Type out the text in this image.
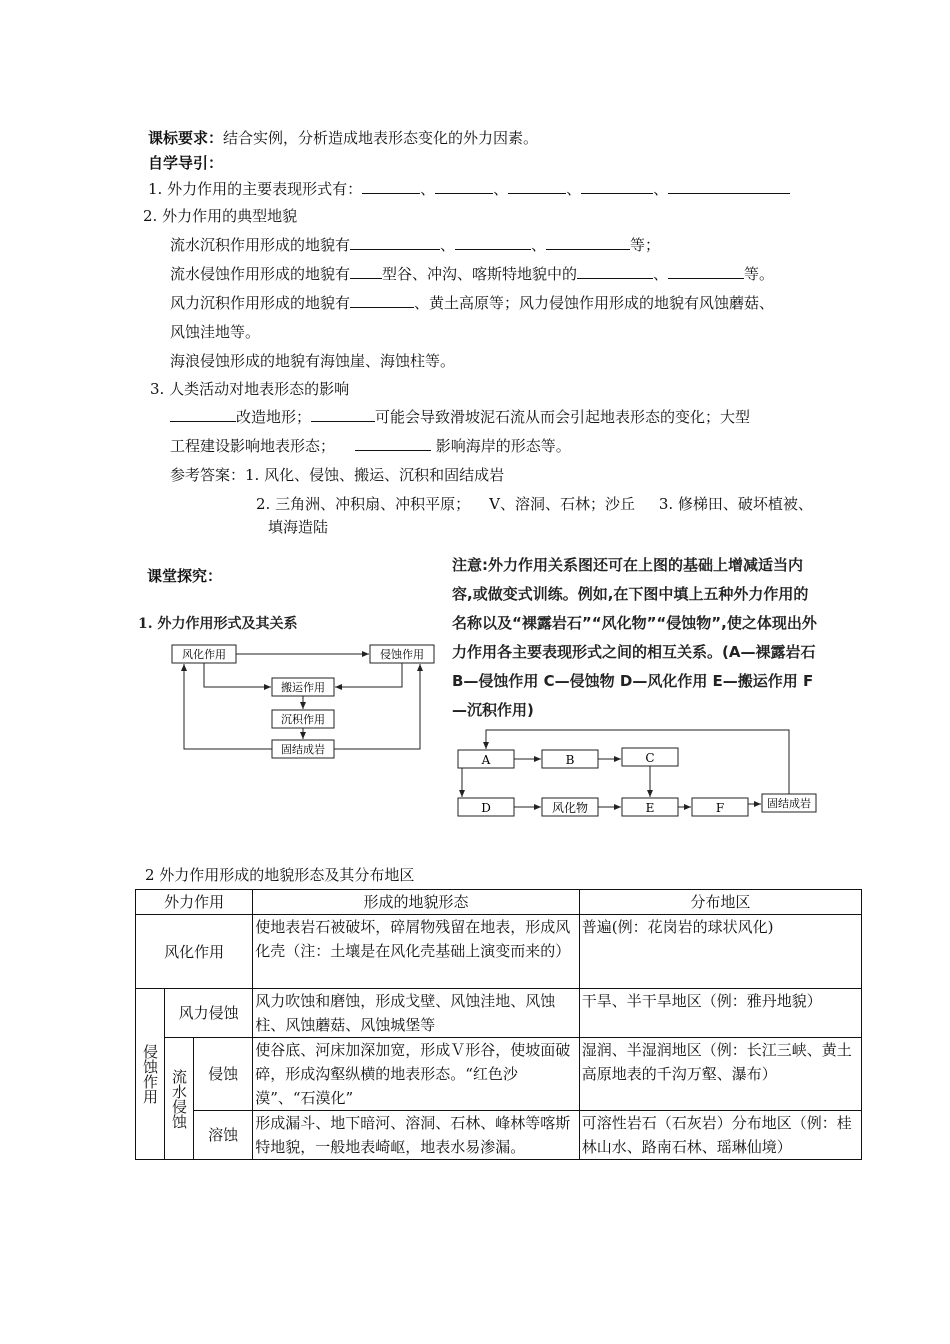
课标要求：结合实例，分析造成地表形态变化的外力因素。
自学导引：
1. 外力作用的主要表现形式有：	、	、	、	、
2. 外力作用的典型地貌
流水沉积作用形成的地貌有	、	、	等；
流水侵蚀作用形成的地貌有 型谷、冲沟、喀斯特地貌中的	、	等。
风力沉积作用形成的地貌有	、黄土高原等；风力侵蚀作用形成的地貌有风蚀蘑菇、
风蚀洼地等。
海浪侵蚀形成的地貌有海蚀崖、海蚀柱等。
3. 人类活动对地表形态的影响
改造地形；	可能会导致滑坡泥石流从而会引起地表形态的变化；大型
工程建设影响地表形态；	影响海岸的形态等。
参考答案：1. 风化、侵蚀、搬运、沉积和固结成岩
2. 三角洲、冲积扇、冲积平原；    V、溶洞、石林；沙丘     3. 修梯田、破坏植被、
填海造陆
课堂探究：
1. 外力作用形式及其关系
风化作用	侵蚀作用
搬运作用
沉积作用
固结成岩
注意:外力作用关系图还可在上图的基础上增减适当内容,或做变式训练。例如,在下图中填上五种外力作用的名称以及“裸露岩石”“风化物”“侵蚀物”,使之体现出外力作用各主要表现形式之间的相互关系。(A—裸露岩石 B—侵蚀作用 C—侵蚀物 D—风化作用 E—搬运作用 F—沉积作用)
A	B	C
D	风化物	E	F	固结成岩
2 外力作用形成的地貌形态及其分布地区
外力作用			形成的地貌形态	分布地区
风化作用			使地表岩石被破坏，碎屑物残留在地表，形成风化壳（注：土壤是在风化壳基础上演变而来的）	普遍(例：花岗岩的球状风化)
侵蚀作用	风力侵蚀		风力吹蚀和磨蚀，形成戈壁、风蚀洼地、风蚀柱、风蚀蘑菇、风蚀城堡等	干旱、半干旱地区（例：雅丹地貌）
	流水侵蚀	侵蚀	使谷底、河床加深加宽，形成Ｖ形谷，使坡面破碎，形成沟壑纵横的地表形态。“红色沙漠”、“石漠化”	湿润、半湿润地区（例：长江三峡、黄土高原地表的千沟万壑、瀑布）
		溶蚀	形成漏斗、地下暗河、溶洞、石林、峰林等喀斯特地貌，一般地表崎岖，地表水易渗漏。	可溶性岩石（石灰岩）分布地区（例：桂林山水、路南石林、瑶琳仙境）
